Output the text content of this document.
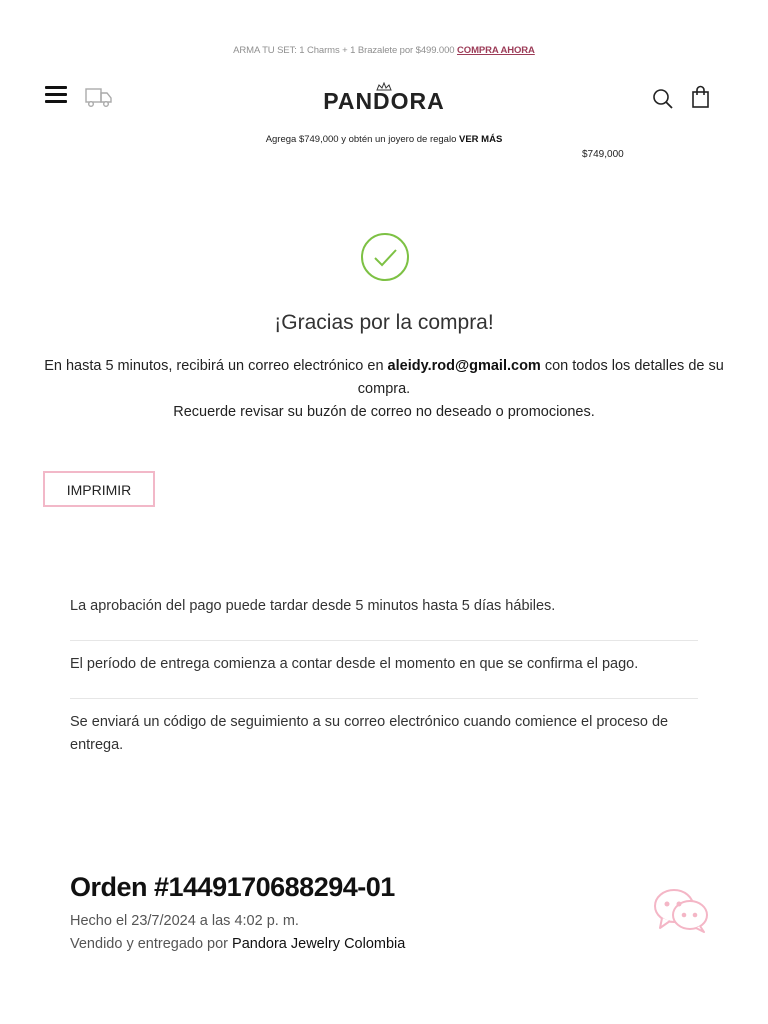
ARMA TU SET: 1 Charms + 1 Brazalete por $499.000 COMPRA AHORA
PANDORA
Agrega $749,000 y obtén un joyero de regalo VER MÁS
$749,000
¡Gracias por la compra!
En hasta 5 minutos, recibirá un correo electrónico en aleidy.rod@gmail.com con todos los detalles de su compra.
Recuerde revisar su buzón de correo no deseado o promociones.
IMPRIMIR
La aprobación del pago puede tardar desde 5 minutos hasta 5 días hábiles.
El período de entrega comienza a contar desde el momento en que se confirma el pago.
Se enviará un código de seguimiento a su correo electrónico cuando comience el proceso de entrega.
Orden #1449170688294-01
Hecho el 23/7/2024 a las 4:02 p. m.
Vendido y entregado por Pandora Jewelry Colombia
